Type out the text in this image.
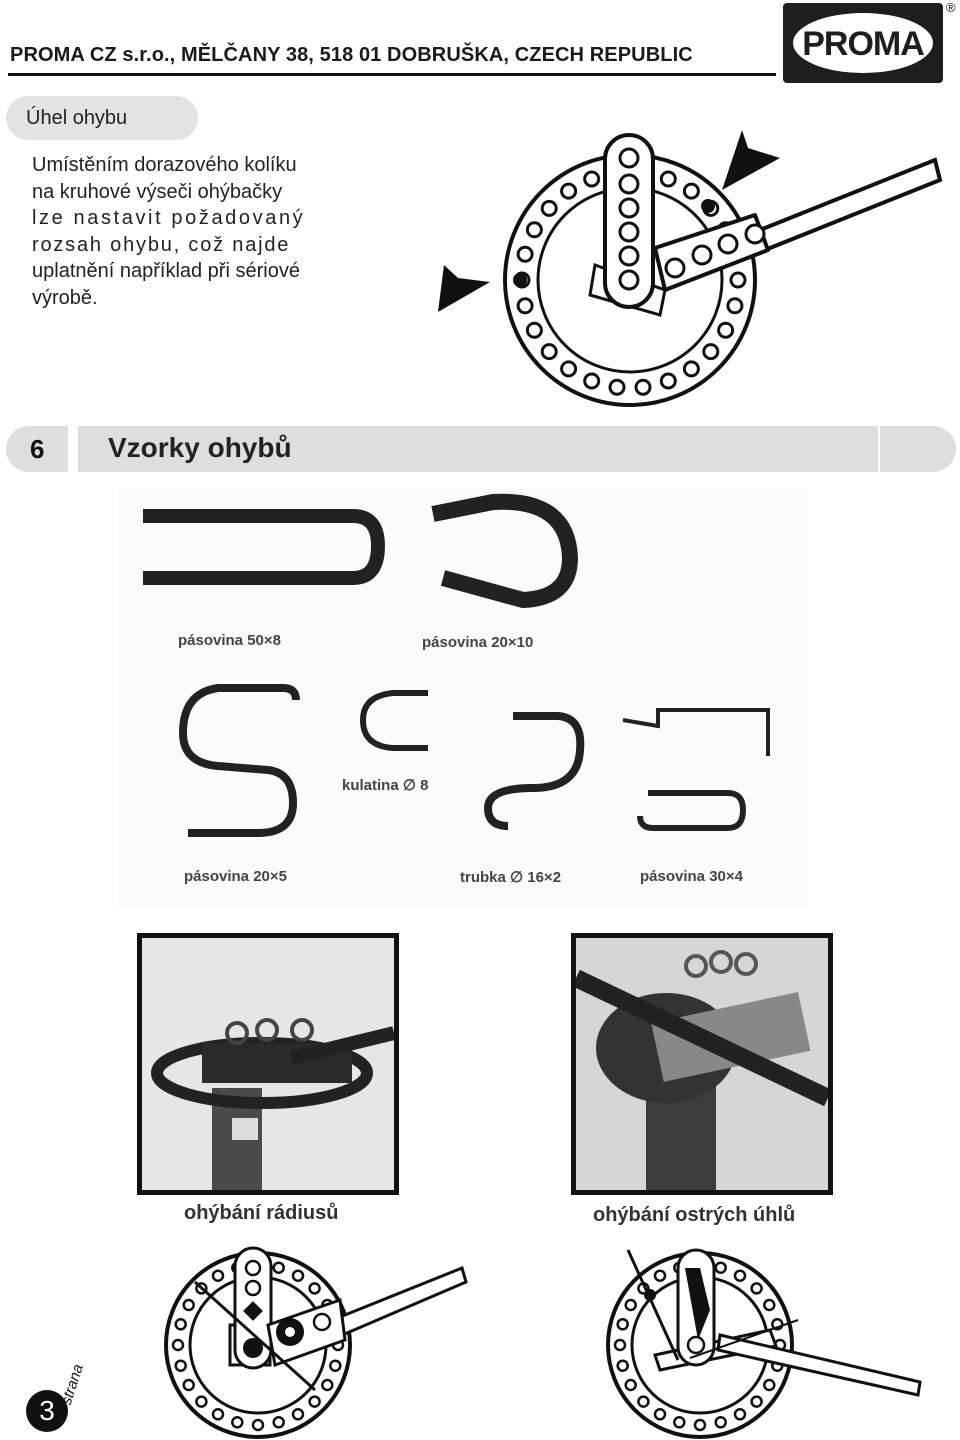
PROMA CZ s.r.o., MĚLČANY 38, 518 01 DOBRUŠKA, CZECH REPUBLIC	PROMA
®
Úhel ohybu
Umístěním dorazového kolíku
na kruhové výseči ohýbačky
lze nastavit požadovaný
rozsah ohybu, což najde
uplatnění například při sériové
výrobě.
6 Vzorky ohybů
pásovina 50×8	pásovina 20×10
kulatina ∅ 8
pásovina 20×5	trubka ∅ 16×2	pásovina 30×4
ohýbání rádiusů	ohýbání ostrých úhlů
3
strana
